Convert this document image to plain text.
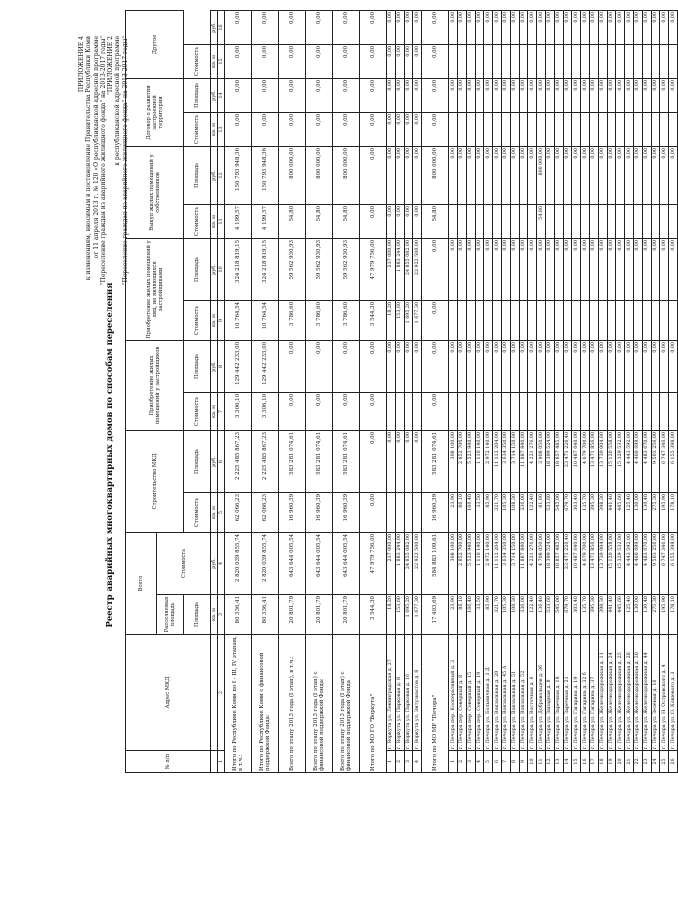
ПРИЛОЖЕНИЕ 4 к изменениям, вносимым в постановление Правительства Республики Коми от 11 апреля 2013 г. № 120 «О республиканской адресной программе "Переселение граждан из аварийного жилищного фонда" на 2013-2017 годы" "ПРИЛОЖЕНИЕ 2 к республиканской адресной программе "Переселение граждан из аварийного жилищного фонда" на 2013-2017 годы"
Реестр аварийных многоквартирных домов по способам переселения
№ п/п	Адрес МКД	Всего		Строительство МКД		Приобретение жилых помещений у застройщиков		Приобретение жилых помещений у лиц, не являющихся застройщиками		Выкуп жилых помещений у собственников		Договор о развитии застроенной территории		Другое	
		Расселяемая площадь	Стоимость												
		Площадь		Стоимость	Площадь	Стоимость	Площадь	Стоимость	Площадь	Стоимость	Площадь	Стоимость	Площадь	Стоимость	
		кв. м	руб.	кв. м	руб.	кв. м	руб.	кв. м	руб.	кв. м	руб.	кв. м	руб.	кв. м	руб.
1	2	3	4	5	6	7	8	9	10	11	12	13	14	15	16
Итого по Республике Коми по I - III, IV этапам, в т.ч.:		80 336,41	2 820 039 855,74	62 066,23	2 225 485 867,23	3 306,10	129 442 233,00	10 764,54	324 218 819,15	4 199,57	150 793 948,36	0,00	0,00	0,00	0,00
Итого по Республике Коми с финансовой поддержкой Фонда:		80 336,41	2 820 039 855,74	62 066,23	2 225 485 867,23	3 306,10	129 442 233,00	10 764,54	324 218 819,15	4 199,57	150 793 948,36	0,00	0,00	0,00	0,00
Всего по этапу 2013 года (I этап), в т.ч.:		20 801,79	643 644 005,54	16 960,39	583 281 074,61	0,00	0,00	3 786,60	59 562 930,93	54,80	800 000,00	0,00	0,00	0,00	0,00
Всего по этапу 2013 года (I этап) с финансовой поддержкой Фонда:		20 801,79	643 644 005,54	16 960,39	583 281 074,61	0,00	0,00	3 786,60	59 562 930,93	54,80	800 000,00	0,00	0,00	0,00	0,00
Всего по этапу 2013 года (I этап) с финансовой поддержкой Фонда		20 801,79	643 644 005,54	16 960,39	583 281 074,61	0,00	0,00	3 786,60	59 562 930,93	54,80	800 000,00	0,00	0,00	0,00	0,00
Итого по МО ГО "Воркута"		3 544,30	47 979 756,00	0,00	0,00	0,00	0,00	3 544,30	47 979 756,00	0,00	0,00	0,00	0,00	0,00	0,00
1	г. Воркута ул. Ленинградская д. 27	18,20	237 000,00		0,00		0,00	18,20	237 000,00	0,00	0,00	0,00	0,00	0,00	0,00
2	г. Воркута ул. Парковая д. 8	153,60	1 883 244,00		0,00		0,00	153,60	1 883 244,00	0,00	0,00	0,00	0,00	0,00	0,00
3	г. Воркута ул. Парковая д. 16	1 695,20	24 855 082,00		0,00		0,00	1 695,20	24 855 082,00	0,00	0,00	0,00	0,00	0,00	0,00
4	г. Воркута ул. Энтузиастов д. 8	1 677,30	22 922 500,00		0,00		0,00	1 677,30	22 922 500,00	0,00	0,00	0,00	0,00	0,00	0,00
Итого по МО МР "Печора"		17 403,69	584 883 109,61	16 960,39	583 281 074,61	0,00	0,00	0,00	0,00	54,80	800 000,00	0,00	0,00	0,00	0,00
1	г. Печора пер. Кооперативный д. 3	23,90	308 100,00	23,90	308 100,00		0,00		0,00		0,00		0,00		0,00
2	г. Печора пер. Северный д. 8	86,10	2 852 700,00	86,10	2 852 700,00		0,00		0,00		0,00		0,00		0,00
3	г. Печора пер. Северный д. 15	166,40	5 523 940,00	166,40	5 523 940,00		0,00		0,00		0,00		0,00		0,00
4	г. Печора пер. Северный д. 19	33,50	1 110 140,00	33,50	1 110 140,00		0,00		0,00		0,00		0,00		0,00
5	г. Печора ул. Больничная д. 3 Д	85,90	2 972 140,00	85,90	2 972 140,00		0,00		0,00		0,00		0,00		0,00
6	г. Печора ул. Вокзальная д. 20	321,70	11 112 204,00	321,70	11 112 204,00		0,00		0,00		0,00		0,00		0,00
7	г. Печора ул. Вокзальная д. 45 А	105,30	3 634 350,00	105,30	3 634 350,00		0,00		0,00		0,00		0,00		0,00
8	г. Печора ул. Вокзальная д. 51	108,30	3 714 150,00	108,30	3 714 150,00		0,00		0,00		0,00		0,00		0,00
9	г. Печора ул. Вокзальная д. 52	336,00	11 887 840,00	336,00	11 887 840,00		0,00		0,00		0,00		0,00		0,00
10	г. Печора ул. Восточная д. 6	122,40	4 221 276,00	122,40	4 221 276,00		0,00		0,00		0,00		0,00		0,00
11	г. Печора ул. Добровольцев д. 3б	136,40	4 708 050,00	81,60	3 908 050,00		0,00		0,00	54,80	800 000,00		0,00		0,00
12	г. Печора ул. Западная д. 8	533,60	18 399 524,00	533,60	18 399 524,00		0,00		0,00		0,00		0,00		0,00
13	г. Печора ул. Заречная д. 18	545,00	18 857 485,00	545,00	18 857 485,00		0,00		0,00		0,00		0,00		0,00
14	г. Печора ул. Заречная д. 21	679,70	23 471 226,40	679,70	23 471 226,40		0,00		0,00		0,00		0,00		0,00
15	г. Печора ул. Гагарина д. 19	303,40	10 487 640,00	303,40	10 487 640,00		0,00		0,00		0,00		0,00		0,00
16	г. Печора ул. Гагарина д. 32 б	135,70	4 679 700,00	135,70	4 679 700,00		0,00		0,00		0,00		0,00		0,00
17	г. Печора ул. Гагарина д. 37	395,30	13 471 856,00	395,30	13 471 856,00		0,00		0,00		0,00		0,00		0,00
18	г. Печора ул. Железнодорожная д. 11	398,30	13 739 004,00	398,30	13 739 004,00		0,00		0,00		0,00		0,00		0,00
19	г. Печора ул. Железнодорожная д. 24	441,40	15 120 558,00	441,40	15 120 558,00		0,00		0,00		0,00		0,00		0,00
20	г. Печора ул. Железнодорожная д. 25	445,60	15 329 532,00	445,60	15 329 532,00		0,00		0,00		0,00		0,00		0,00
21	г. Печора ул. Железнодорожная д. 28	125,40	4 443 592,00	125,40	4 443 592,00		0,00		0,00		0,00		0,00		0,00
22	г. Печора ул. Железнодорожная д. 30	130,00	4 460 699,00	130,00	4 460 699,00		0,00		0,00		0,00		0,00		0,00
23	г. Печора ул. Железнодорожная д. 44	130,40	4 483 670,00	130,40	4 483 670,00		0,00		0,00		0,00		0,00		0,00
24	г. Печора ул. Зеленая д. 16	275,30	9 503 256,00	275,30	9 503 256,00		0,00		0,00		0,00		0,00		0,00
25	г. Печора ул. Н. Островского д. 4	195,90	6 747 346,00	195,90	6 747 346,00		0,00		0,00		0,00		0,00		0,00
26	г. Печора ул. О. Кошевого д. 3	178,10	6 155 398,00	178,10	6 155 398,00		0,00		0,00		0,00		0,00		0,00
